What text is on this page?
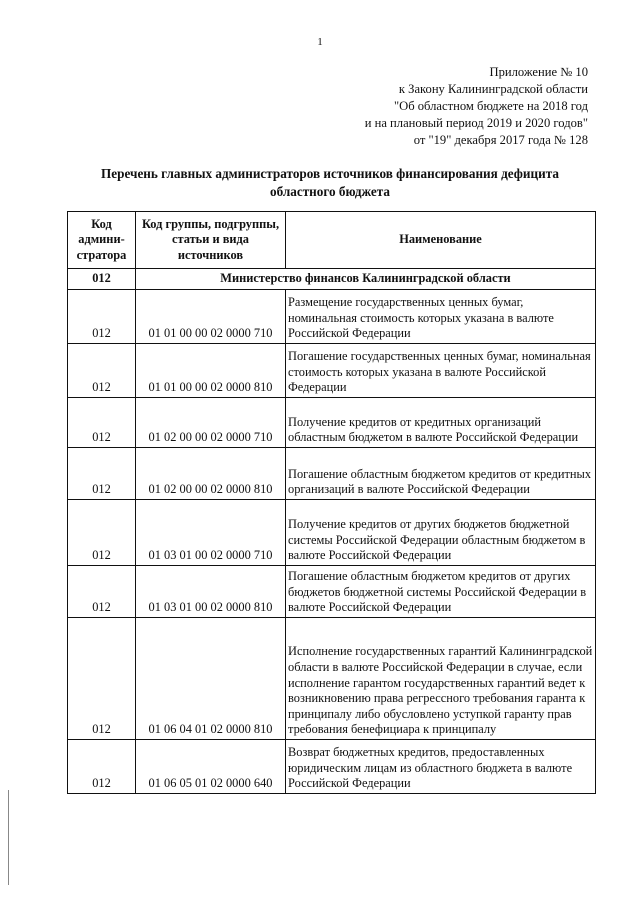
1
Приложение № 10
к Закону Калининградской области
"Об областном бюджете на 2018 год
и на плановый период 2019 и 2020 годов"
от "19" декабря 2017 года № 128
Перечень главных администраторов источников финансирования дефицита
областного бюджета
Код админи-стратора	Код группы, подгруппы, статьи и вида источников	Наименование
012	Министерство финансов Калининградской области	
012	01 01 00 00 02 0000 710	Размещение государственных ценных бумаг, номинальная стоимость которых указана в валюте Российской Федерации
012	01 01 00 00 02 0000 810	Погашение государственных ценных бумаг, номинальная стоимость которых указана в валюте Российской Федерации
012	01 02 00 00 02 0000 710	Получение кредитов от кредитных организаций областным бюджетом в валюте Российской Федерации
012	01 02 00 00 02 0000 810	Погашение областным бюджетом кредитов от кредитных организаций в валюте Российской Федерации
012	01 03 01 00 02 0000 710	Получение кредитов от других бюджетов бюджетной системы Российской Федерации областным бюджетом в валюте Российской Федерации
012	01 03 01 00 02 0000 810	Погашение областным бюджетом кредитов от других бюджетов бюджетной системы Российской Федерации в валюте Российской Федерации
012	01 06 04 01 02 0000 810	Исполнение государственных гарантий Калининградской области в валюте Российской Федерации в случае, если исполнение гарантом государственных гарантий ведет к возникновению права регрессного требования гаранта к принципалу либо обусловлено уступкой гаранту прав требования бенефициара к принципалу
012	01 06 05 01 02 0000 640	Возврат бюджетных кредитов, предоставленных юридическим лицам из областного бюджета в валюте Российской Федерации
